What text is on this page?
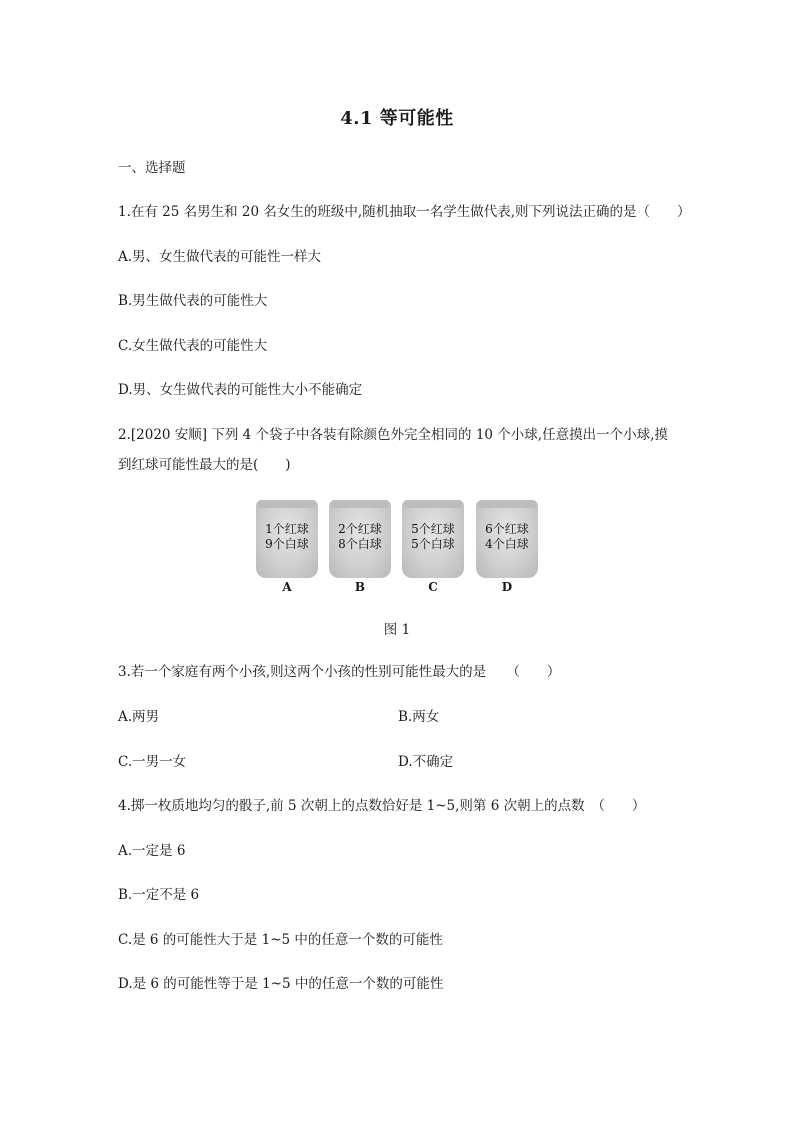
4.1 等可能性
一、选择题
1.在有 25 名男生和 20 名女生的班级中,随机抽取一名学生做代表,则下列说法正确的是（　　）
A.男、女生做代表的可能性一样大
B.男生做代表的可能性大
C.女生做代表的可能性大
D.男、女生做代表的可能性大小不能确定
2.[2020 安顺] 下列 4 个袋子中各装有除颜色外完全相同的 10 个小球,任意摸出一个小球,摸
到红球可能性最大的是(　　)
1个红球
9个白球
A
2个红球
8个白球
B
5个红球
5个白球
C
6个红球
4个白球
D
图 1
3.若一个家庭有两个小孩,则这两个小孩的性别可能性最大的是　　（　　）
A.两男	B.两女
C.一男一女	D.不确定
4.掷一枚质地均匀的骰子,前 5 次朝上的点数恰好是 1~5,则第 6 次朝上的点数　（　　）
A.一定是 6
B.一定不是 6
C.是 6 的可能性大于是 1~5 中的任意一个数的可能性
D.是 6 的可能性等于是 1~5 中的任意一个数的可能性
